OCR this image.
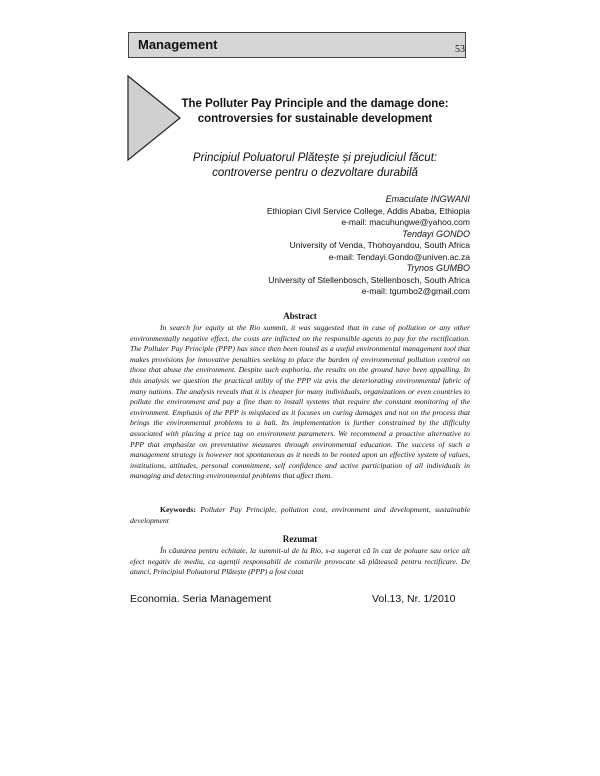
Management	53
The Polluter Pay Principle and the damage done: controversies for sustainable development
Principiul Poluatorul Plătește și prejudiciul făcut: controverse pentru o dezvoltare durabilă
Emaculate INGWANI
Ethiopian Civil Service College, Addis Ababa, Ethiopia
e-mail: macuhungwe@yahoo.com
Tendayi GONDO
University of Venda, Thohoyandou, South Africa
e-mail: Tendayi.Gondo@univen.ac.za
Trynos GUMBO
University of Stellenbosch, Stellenbosch, South Africa
e-mail: tgumbo2@gmail.com
Abstract
In search for equity at the Rio summit, it was suggested that in case of pollution or any other environmentally negative effect, the costs are inflicted on the responsible agents to pay for the rectification. The Polluter Pay Principle (PPP) has since then been touted as a useful environmental management tool that makes provisions for innovative penalties seeking to place the burden of environmental pollution control on those that abuse the environment. Despite such euphoria, the results on the ground have been appalling. In this analysis we question the practical utility of the PPP viz avis the deteriorating environmental fabric of many nations. The analysis reveals that it is cheaper for many individuals, organizations or even countries to pollute the environment and pay a fine than to install systems that require the constant monitoring of the environment. Emphasis of the PPP is misplaced as it focuses on curing damages and not on the process that brings the environmental problems to a halt. Its implementation is further constrained by the difficulty associated with placing a price tag on environment parameters. We recommend a proactive alternative to PPP that emphasize on preventative measures through environmental education. The success of such a management strategy is however not spontaneous as it needs to be rooted upon an effective system of values, institutions, attitudes, personal commitment, self confidence and active participation of all individuals in managing and detecting environmental problems that affect them.
Keywords: Polluter Pay Principle, pollution cost, environment and development, sustainable development
Rezumat
În căutarea pentru echitate, la summit-ul de la Rio, s-a sugerat că în caz de poluare sau orice alt efect negativ de mediu, ca agenții responsabili de costurile provocate să plătească pentru rectificare. De atunci, Principiul Poluatorul Plătește (PPP) a fost cotat
Economia. Seria Management	Vol.13, Nr. 1/2010
